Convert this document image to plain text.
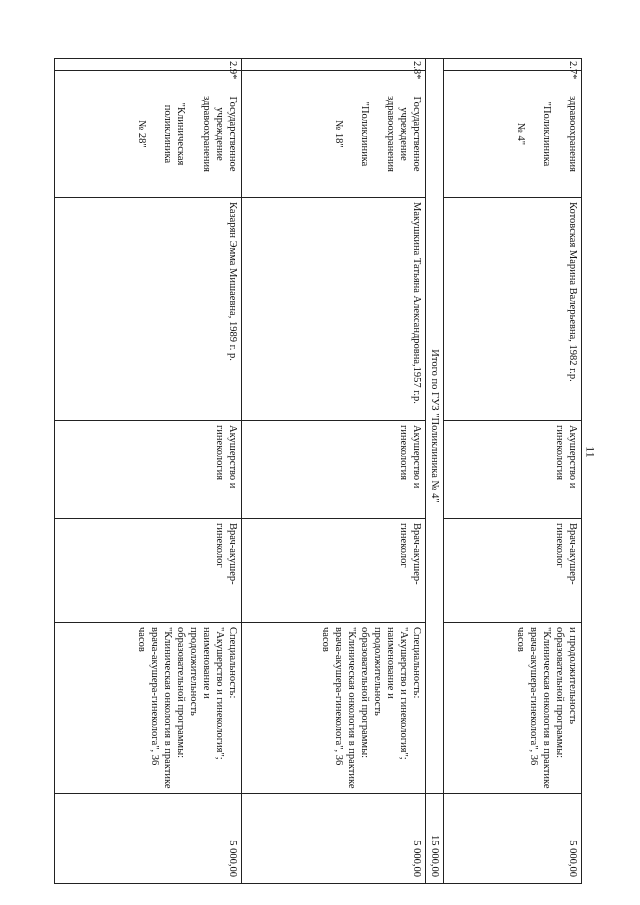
11
2.7*	здравоохранения

"Поликлиника

№ 4"	Котовская Марина Валерьевна, 1982 г.р.	Акушерство и гинекология	Врач-акушер-гинеколог	и продолжительность образовательной программы:
"Клиническая онкология в практике врача-акушера-гинеколога", 36 часов	5 000,00
Итого по ГУЗ "Поликлиника № 4"						15 000,00
2.8*	Государственное учреждение здравоохранения

"Поликлиника

№ 18"	Макушкина Татьяна Александровна,1957 г.р.	Акушерство и гинекология	Врач-акушер-гинеколог	Специальность:
"Акушерство и гинекология";
наименование и продолжительность образовательной программы:
"Клиническая онкология в практике врача-акушера-гинеколога", 36 часов	5 000,00
2.9*	Государственное учреждение здравоохранения

"Клиническая поликлиника

№ 28"	Казарян Эмма Мишаевна, 1989 г. р.	Акушерство и гинекология	Врач-акушер-гинеколог	Специальность:
"Акушерство и гинекология";
наименование и продолжительность образовательной программы:
"Клиническая онкология в практике врача-акушера-гинеколога", 36 часов	5 000,00
